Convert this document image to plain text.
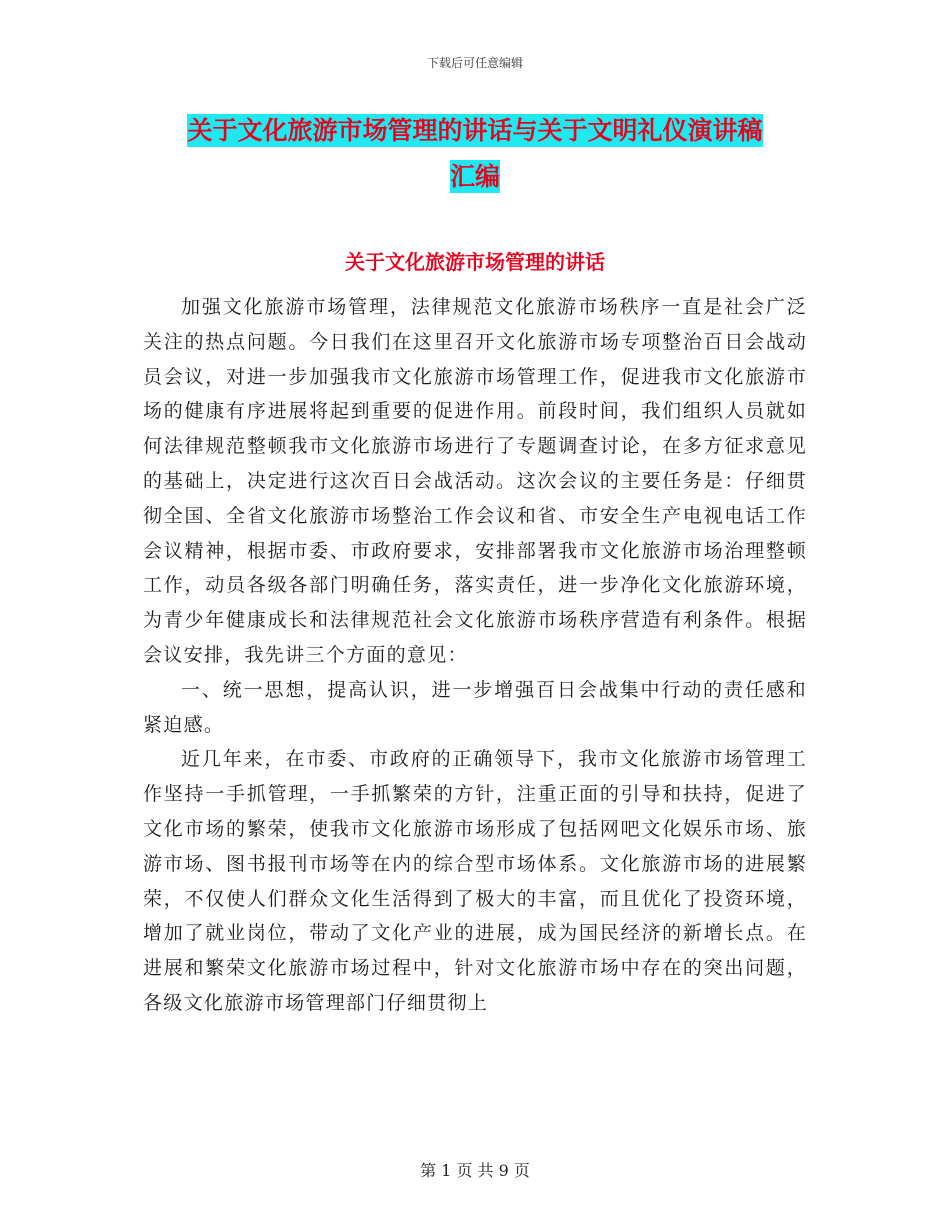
下载后可任意编辑
关于文化旅游市场管理的讲话与关于文明礼仪演讲稿
汇编
关于文化旅游市场管理的讲话

加强文化旅游市场管理，法律规范文化旅游市场秩序一直是社会广泛关注的热点问题。今日我们在这里召开文化旅游市场专项整治百日会战动员会议，对进一步加强我市文化旅游市场管理工作，促进我市文化旅游市场的健康有序进展将起到重要的促进作用。前段时间，我们组织人员就如何法律规范整顿我市文化旅游市场进行了专题调查讨论，在多方征求意见的基础上，决定进行这次百日会战活动。这次会议的主要任务是：仔细贯彻全国、全省文化旅游市场整治工作会议和省、市安全生产电视电话工作会议精神，根据市委、市政府要求，安排部署我市文化旅游市场治理整顿工作，动员各级各部门明确任务，落实责任，进一步净化文化旅游环境，为青少年健康成长和法律规范社会文化旅游市场秩序营造有利条件。根据会议安排，我先讲三个方面的意见：

一、统一思想，提高认识，进一步增强百日会战集中行动的责任感和紧迫感。

近几年来，在市委、市政府的正确领导下，我市文化旅游市场管理工作坚持一手抓管理，一手抓繁荣的方针，注重正面的引导和扶持，促进了文化市场的繁荣，使我市文化旅游市场形成了包括网吧文化娱乐市场、旅游市场、图书报刊市场等在内的综合型市场体系。文化旅游市场的进展繁荣，不仅使人们群众文化生活得到了极大的丰富，而且优化了投资环境，增加了就业岗位，带动了文化产业的进展，成为国民经济的新增长点。在进展和繁荣文化旅游市场过程中，针对文化旅游市场中存在的突出问题，各级文化旅游市场管理部门仔细贯彻上

第 1 页 共 9 页
